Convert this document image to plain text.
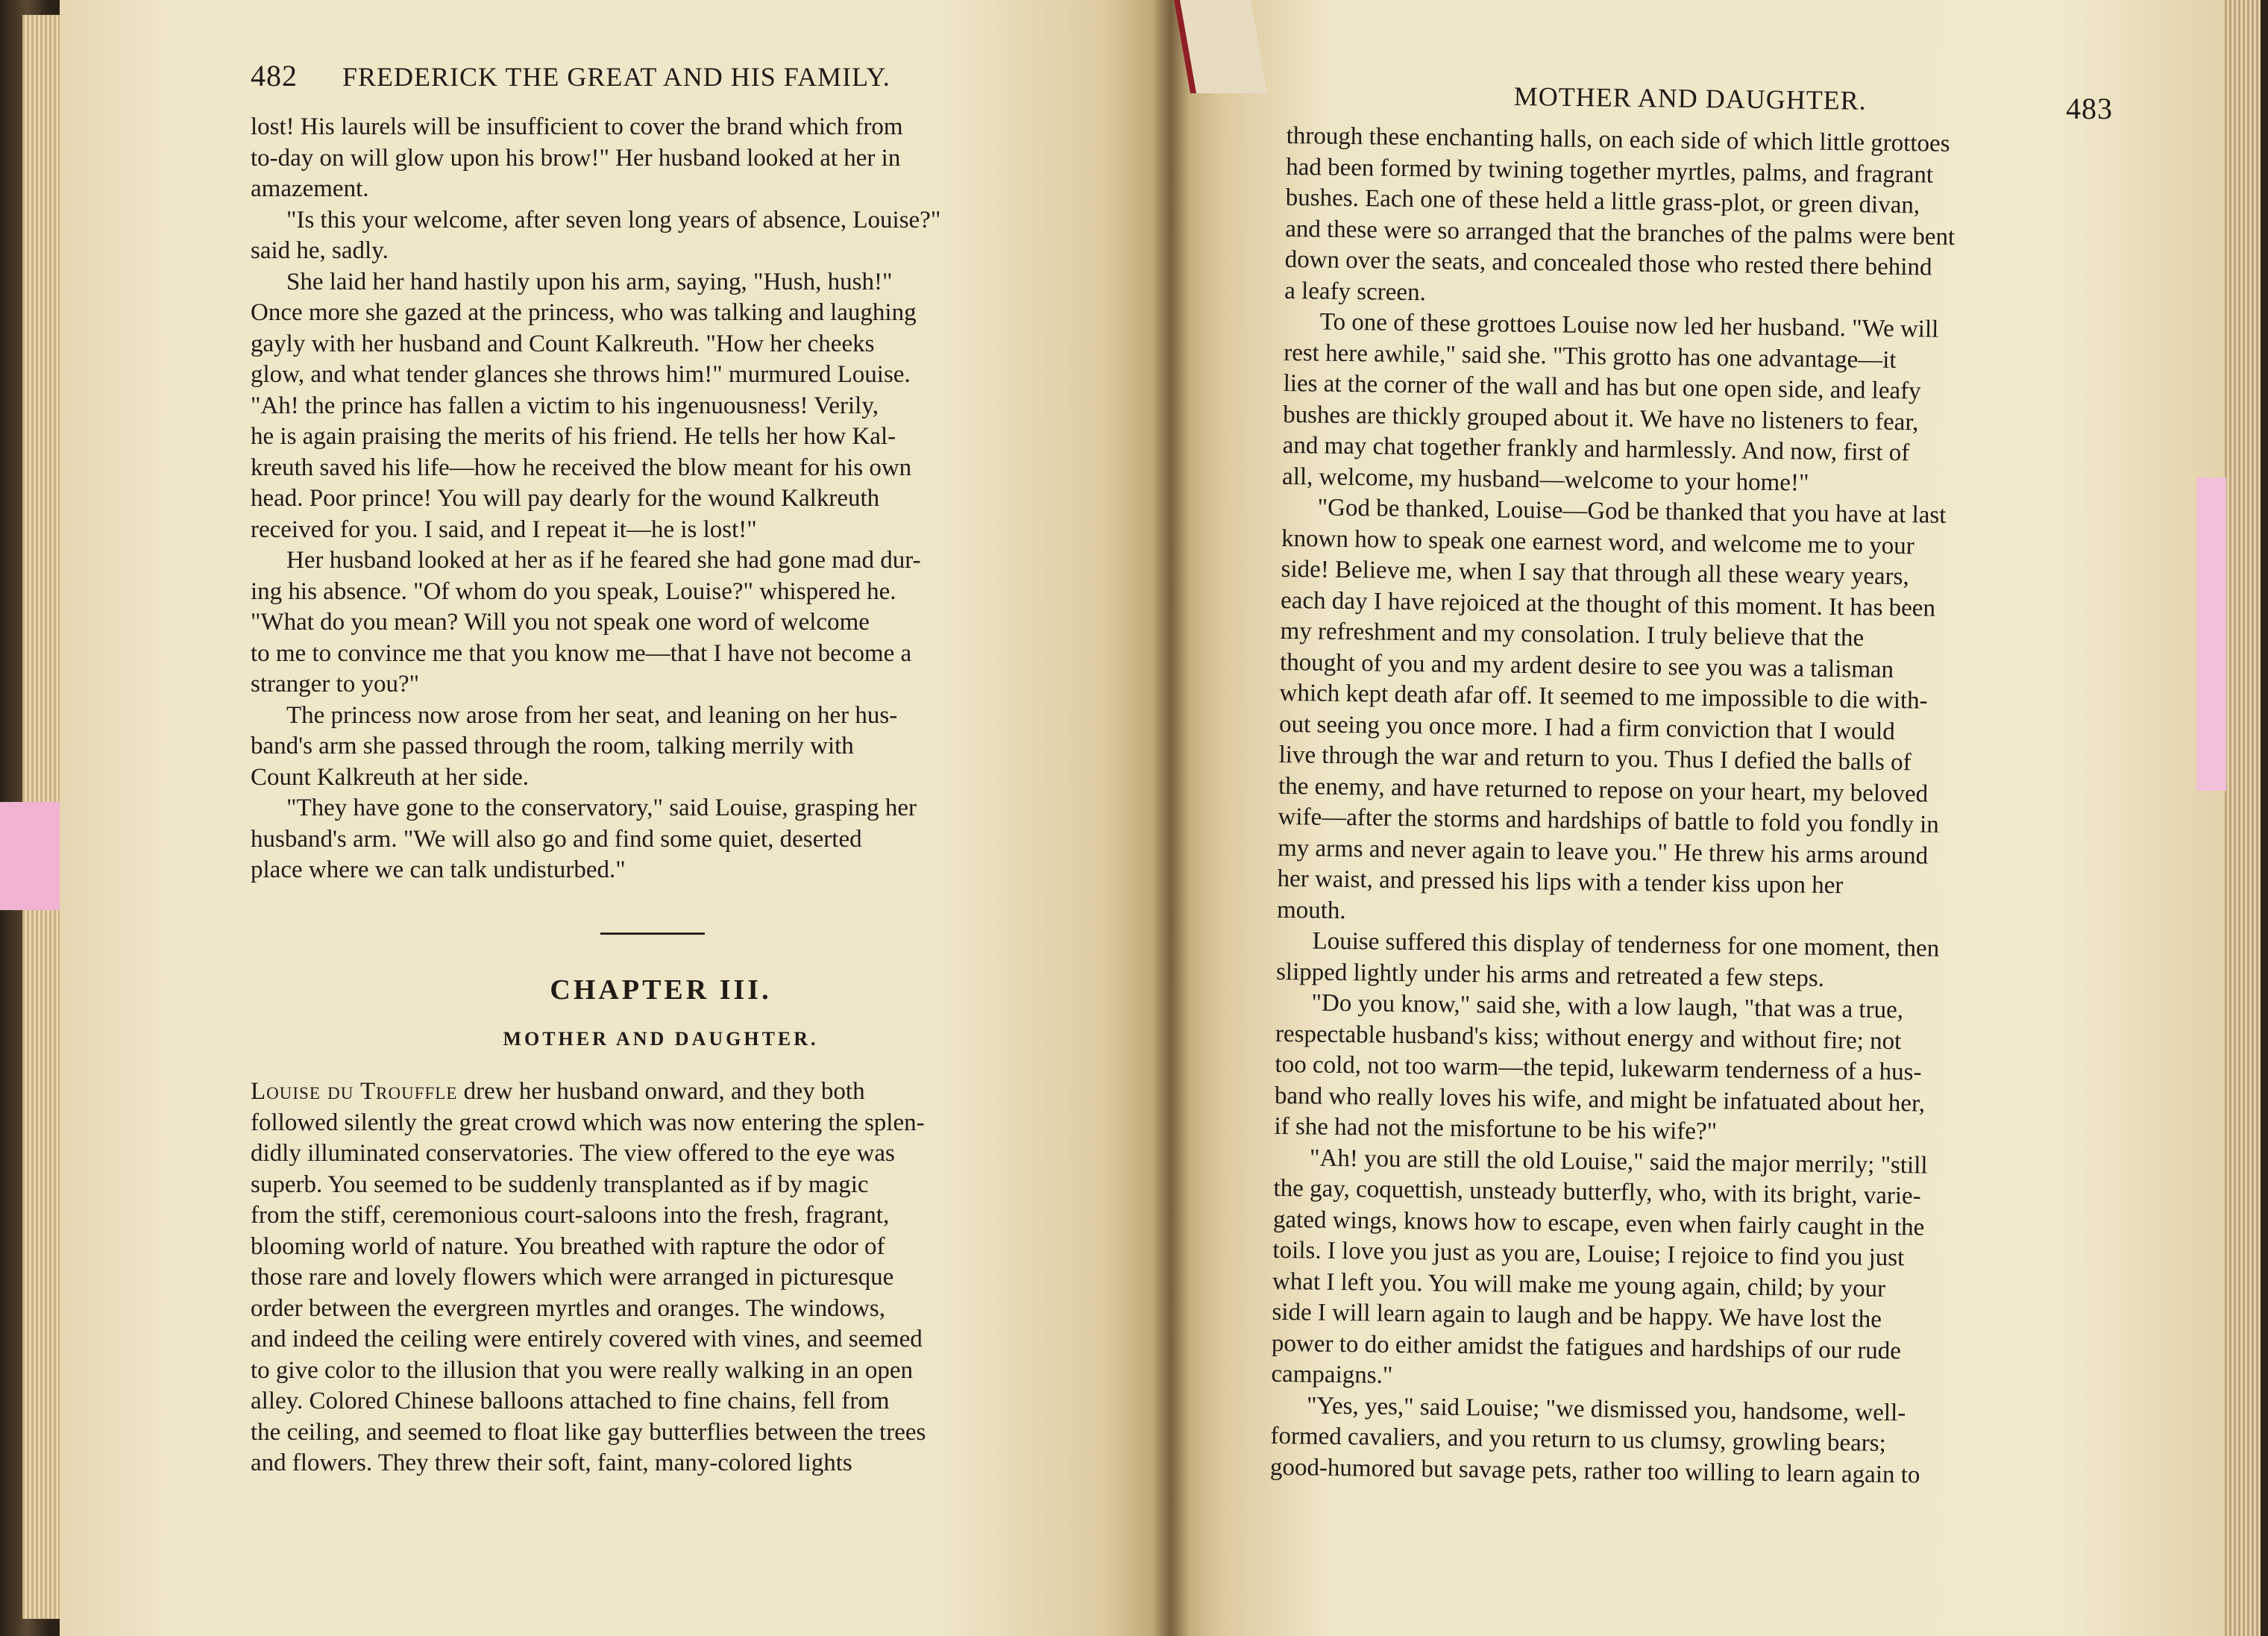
482 FREDERICK THE GREAT AND HIS FAMILY.

lost! His laurels will be insufficient to cover the brand which from

to-day on will glow upon his brow!" Her husband looked at her in

amazement.

"Is this your welcome, after seven long years of absence, Louise?"

said he, sadly.

She laid her hand hastily upon his arm, saying, "Hush, hush!"

Once more she gazed at the princess, who was talking and laughing

gayly with her husband and Count Kalkreuth. "How her cheeks

glow, and what tender glances she throws him!" murmured Louise.

"Ah! the prince has fallen a victim to his ingenuousness! Verily,

he is again praising the merits of his friend. He tells her how Kal-

kreuth saved his life—how he received the blow meant for his own

head. Poor prince! You will pay dearly for the wound Kalkreuth

received for you. I said, and I repeat it—he is lost!"

Her husband looked at her as if he feared she had gone mad dur-

ing his absence. "Of whom do you speak, Louise?" whispered he.

"What do you mean? Will you not speak one word of welcome

to me to convince me that you know me—that I have not become a

stranger to you?"

The princess now arose from her seat, and leaning on her hus-

band's arm she passed through the room, talking merrily with

Count Kalkreuth at her side.

"They have gone to the conservatory," said Louise, grasping her

husband's arm. "We will also go and find some quiet, deserted

place where we can talk undisturbed."

CHAPTER III.
MOTHER AND DAUGHTER.

Louise du Trouffle drew her husband onward, and they both

followed silently the great crowd which was now entering the splen-

didly illuminated conservatories. The view offered to the eye was

superb. You seemed to be suddenly transplanted as if by magic

from the stiff, ceremonious court-saloons into the fresh, fragrant,

blooming world of nature. You breathed with rapture the odor of

those rare and lovely flowers which were arranged in picturesque

order between the evergreen myrtles and oranges. The windows,

and indeed the ceiling were entirely covered with vines, and seemed

to give color to the illusion that you were really walking in an open

alley. Colored Chinese balloons attached to fine chains, fell from

the ceiling, and seemed to float like gay butterflies between the trees

and flowers. They threw their soft, faint, many-colored lights

MOTHER AND DAUGHTER.	483

through these enchanting halls, on each side of which little grottoes

had been formed by twining together myrtles, palms, and fragrant

bushes. Each one of these held a little grass-plot, or green divan,

and these were so arranged that the branches of the palms were bent

down over the seats, and concealed those who rested there behind

a leafy screen.

To one of these grottoes Louise now led her husband. "We will

rest here awhile," said she. "This grotto has one advantage—it

lies at the corner of the wall and has but one open side, and leafy

bushes are thickly grouped about it. We have no listeners to fear,

and may chat together frankly and harmlessly. And now, first of

all, welcome, my husband—welcome to your home!"

"God be thanked, Louise—God be thanked that you have at last

known how to speak one earnest word, and welcome me to your

side! Believe me, when I say that through all these weary years,

each day I have rejoiced at the thought of this moment. It has been

my refreshment and my consolation. I truly believe that the

thought of you and my ardent desire to see you was a talisman

which kept death afar off. It seemed to me impossible to die with-

out seeing you once more. I had a firm conviction that I would

live through the war and return to you. Thus I defied the balls of

the enemy, and have returned to repose on your heart, my beloved

wife—after the storms and hardships of battle to fold you fondly in

my arms and never again to leave you." He threw his arms around

her waist, and pressed his lips with a tender kiss upon her

mouth.

Louise suffered this display of tenderness for one moment, then

slipped lightly under his arms and retreated a few steps.

"Do you know," said she, with a low laugh, "that was a true,

respectable husband's kiss; without energy and without fire; not

too cold, not too warm—the tepid, lukewarm tenderness of a hus-

band who really loves his wife, and might be infatuated about her,

if she had not the misfortune to be his wife?"

"Ah! you are still the old Louise," said the major merrily; "still

the gay, coquettish, unsteady butterfly, who, with its bright, varie-

gated wings, knows how to escape, even when fairly caught in the

toils. I love you just as you are, Louise; I rejoice to find you just

what I left you. You will make me young again, child; by your

side I will learn again to laugh and be happy. We have lost the

power to do either amidst the fatigues and hardships of our rude

campaigns."

"Yes, yes," said Louise; "we dismissed you, handsome, well-

formed cavaliers, and you return to us clumsy, growling bears;

good-humored but savage pets, rather too willing to learn again to
